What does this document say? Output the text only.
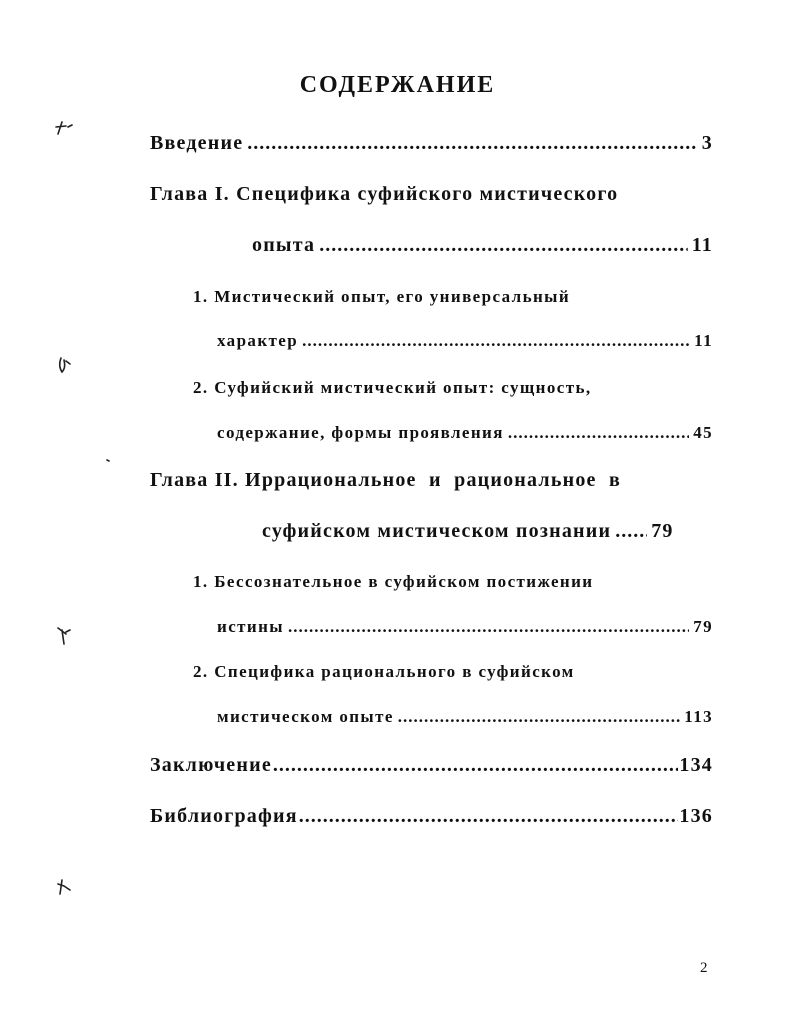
СОДЕРЖАНИЕ
Введение .....	3
Глава I. Специфика суфийского мистического
опыта .....	11
1. Мистический опыт, его универсальный
характер .....	11
2. Суфийский мистический опыт: сущность,
содержание, формы проявления .....	45
Глава II. Иррациональное  и  рациональное  в
суфийском мистическом познании ..... 79
1. Бессознательное в суфийском постижении
истины .....	79
2. Специфика рационального в суфийском
мистическом опыте .....	113
Заключение .....	134
Библиография .....	136
2
